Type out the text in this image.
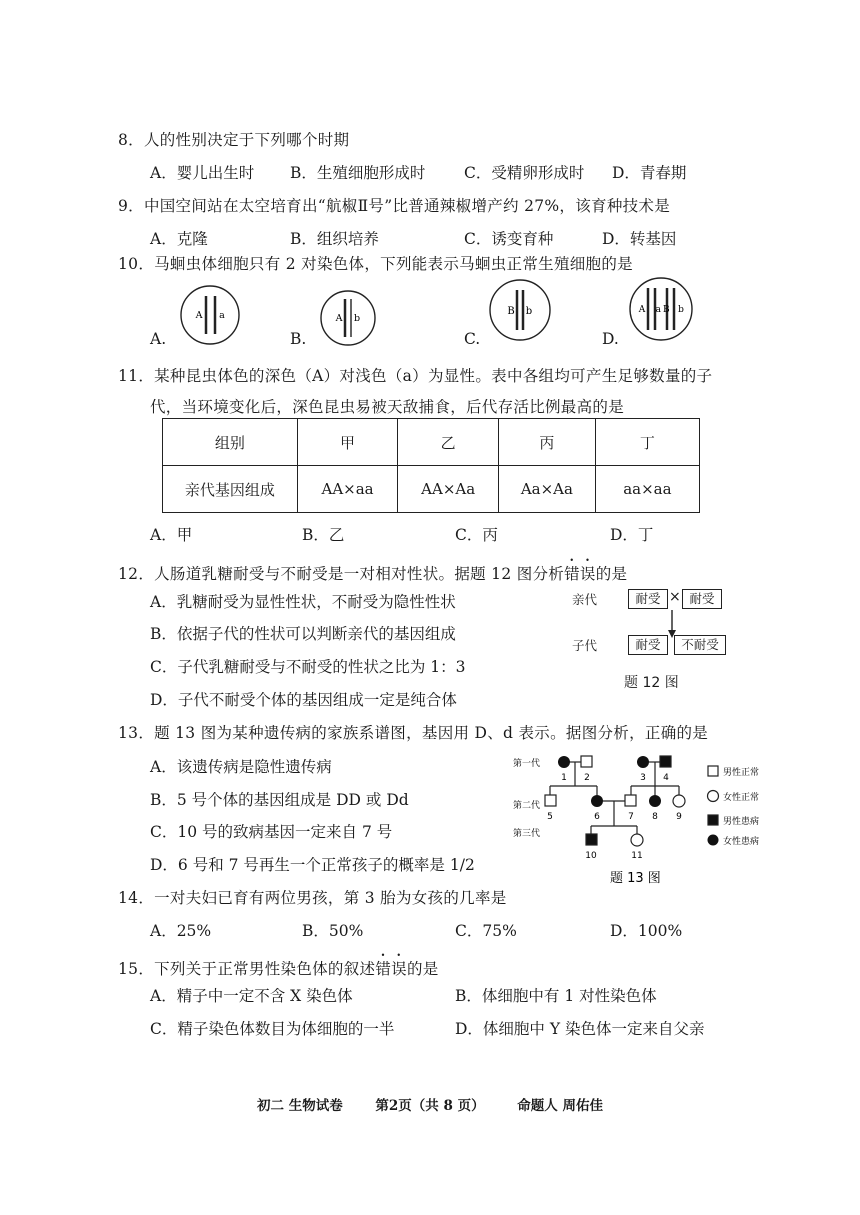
8．人的性别决定于下列哪个时期
A．婴儿出生时 B．生殖细胞形成时 C．受精卵形成时 D．青春期
9．中国空间站在太空培育出“航椒Ⅱ号”比普通辣椒增产约 27%，该育种技术是
A．克隆	B．组织培养	C．诱变育种	D．转基因
10．马蛔虫体细胞只有 2 对染色体，下列能表示马蛔虫正常生殖细胞的是
A.	B.	C.	D.
A a	A b
B b	A a B b
11．某种昆虫体色的深色（A）对浅色（a）为显性。表中各组均可产生足够数量的子
代，当环境变化后，深色昆虫易被天敌捕食，后代存活比例最高的是
组别	甲	乙	丙	丁
亲代基因组成	AA×aa	AA×Aa	Aa×Aa	aa×aa
A．甲	B．乙	C．丙	D．丁
12．人肠道乳糖耐受与不耐受是一对相对性状。据题 12 图分析错误的是
A．乳糖耐受为显性性状，不耐受为隐性性状
B．依据子代的性状可以判断亲代的基因组成
C．子代乳糖耐受与不耐受的性状之比为 1：3
D．子代不耐受个体的基因组成一定是纯合体
亲代	耐受 × 耐受
子代	耐受	不耐受
题 12 图
13．题 13 图为某种遗传病的家族系谱图，基因用 D、d 表示。据图分析，正确的是
A．该遗传病是隐性遗传病
B．5 号个体的基因组成是 DD 或 Dd
C．10 号的致病基因一定来自 7 号
D．6 号和 7 号再生一个正常孩子的概率是 1/2
第一代
第二代
第三代
1 2	3 4
5	6	7 8 9
10	11
男性正常
女性正常
男性患病
女性患病
题 13 图
14．一对夫妇已育有两位男孩，第 3 胎为女孩的几率是
A．25%	B．50%	C．75%	D．100%
15．下列关于正常男性染色体的叙述错误的是
A．精子中一定不含 X 染色体	B．体细胞中有 1 对性染色体
C．精子染色体数目为体细胞的一半	D．体细胞中 Y 染色体一定来自父亲
初二 生物试卷 第2页（共 8 页） 命题人 周佑佳
